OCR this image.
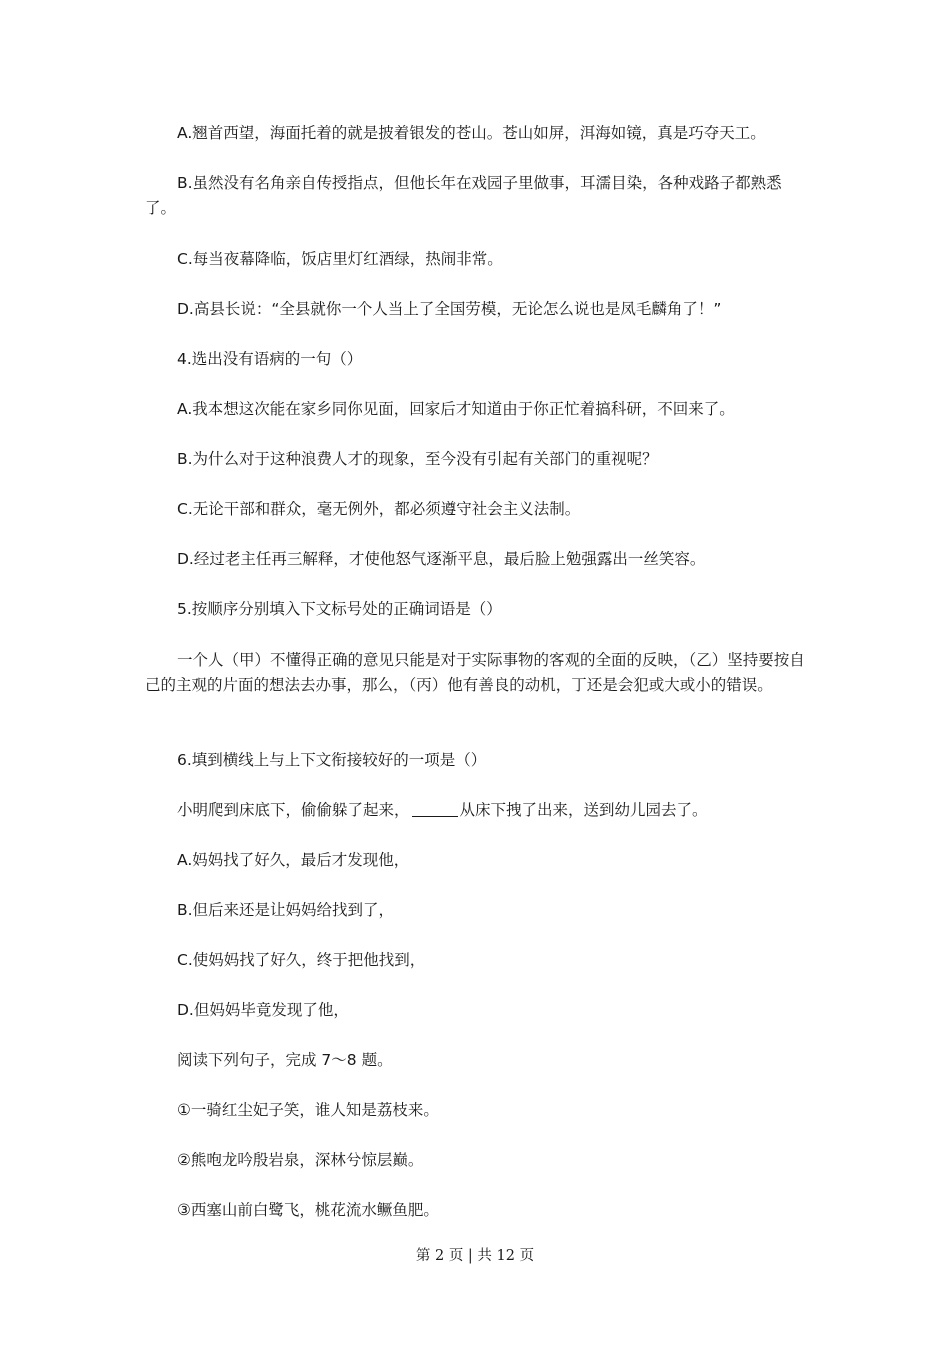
A.翘首西望，海面托着的就是披着银发的苍山。苍山如屏，洱海如镜，真是巧夺天工。
B.虽然没有名角亲自传授指点，但他长年在戏园子里做事，耳濡目染，各种戏路子都熟悉了。
C.每当夜幕降临，饭店里灯红酒绿，热闹非常。
D.高县长说：“全县就你一个人当上了全国劳模，无论怎么说也是凤毛麟角了！”
4.选出没有语病的一句（）
A.我本想这次能在家乡同你见面，回家后才知道由于你正忙着搞科研，不回来了。
B.为什么对于这种浪费人才的现象，至今没有引起有关部门的重视呢？
C.无论干部和群众，毫无例外，都必须遵守社会主义法制。
D.经过老主任再三解释，才使他怒气逐渐平息，最后脸上勉强露出一丝笑容。
5.按顺序分别填入下文标号处的正确词语是（）
一个人（甲）不懂得正确的意见只能是对于实际事物的客观的全面的反映，（乙）坚持要按自己的主观的片面的想法去办事，那么，（丙）他有善良的动机，丁还是会犯或大或小的错误。
6.填到横线上与上下文衔接较好的一项是（）
小明爬到床底下，偷偷躲了起来，	从床下拽了出来，送到幼儿园去了。
A.妈妈找了好久，最后才发现他，
B.但后来还是让妈妈给找到了，
C.使妈妈找了好久，终于把他找到，
D.但妈妈毕竟发现了他，
阅读下列句子，完成 7～8 题。
①一骑红尘妃子笑，谁人知是荔枝来。
②熊咆龙吟殷岩泉，深林兮惊层巅。
③西塞山前白鹭飞，桃花流水鳜鱼肥。
第 2 页 | 共 12 页
